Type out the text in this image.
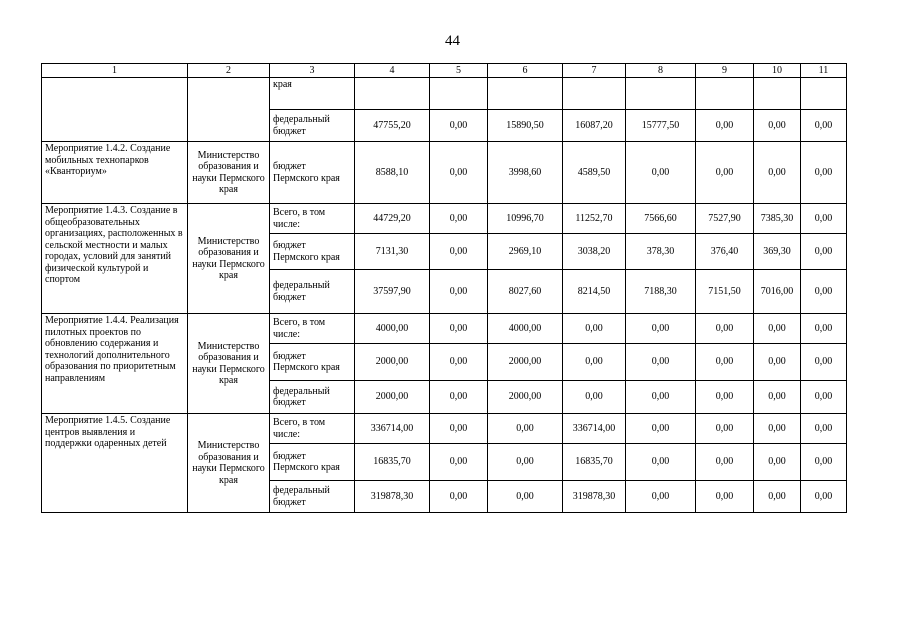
44
1	2	3	4	5	6	7	8	9	10	11
		края								
		федеральный бюджет	47755,20	0,00	15890,50	16087,20	15777,50	0,00	0,00	0,00
Мероприятие 1.4.2. Создание мобильных технопарков «Кванториум»	Министерство образования и науки Пермского края	бюджет Пермского края	8588,10	0,00	3998,60	4589,50	0,00	0,00	0,00	0,00
Мероприятие 1.4.3. Создание в общеобразовательных организациях, расположенных в сельской местности и малых городах, условий для занятий физической культурой и спортом	Министерство образования и науки Пермского края	Всего, в том числе:	44729,20	0,00	10996,70	11252,70	7566,60	7527,90	7385,30	0,00
		бюджет Пермского края	7131,30	0,00	2969,10	3038,20	378,30	376,40	369,30	0,00
		федеральный бюджет	37597,90	0,00	8027,60	8214,50	7188,30	7151,50	7016,00	0,00
Мероприятие 1.4.4. Реализация пилотных проектов по обновлению содержания и технологий дополнительного образования по приоритетным направлениям	Министерство образования и науки Пермского края	Всего, в том числе:	4000,00	0,00	4000,00	0,00	0,00	0,00	0,00	0,00
		бюджет Пермского края	2000,00	0,00	2000,00	0,00	0,00	0,00	0,00	0,00
		федеральный бюджет	2000,00	0,00	2000,00	0,00	0,00	0,00	0,00	0,00
Мероприятие 1.4.5. Создание центров выявления и поддержки одаренных детей	Министерство образования и науки Пермского края	Всего, в том числе:	336714,00	0,00	0,00	336714,00	0,00	0,00	0,00	0,00
		бюджет Пермского края	16835,70	0,00	0,00	16835,70	0,00	0,00	0,00	0,00
		федеральный бюджет	319878,30	0,00	0,00	319878,30	0,00	0,00	0,00	0,00
